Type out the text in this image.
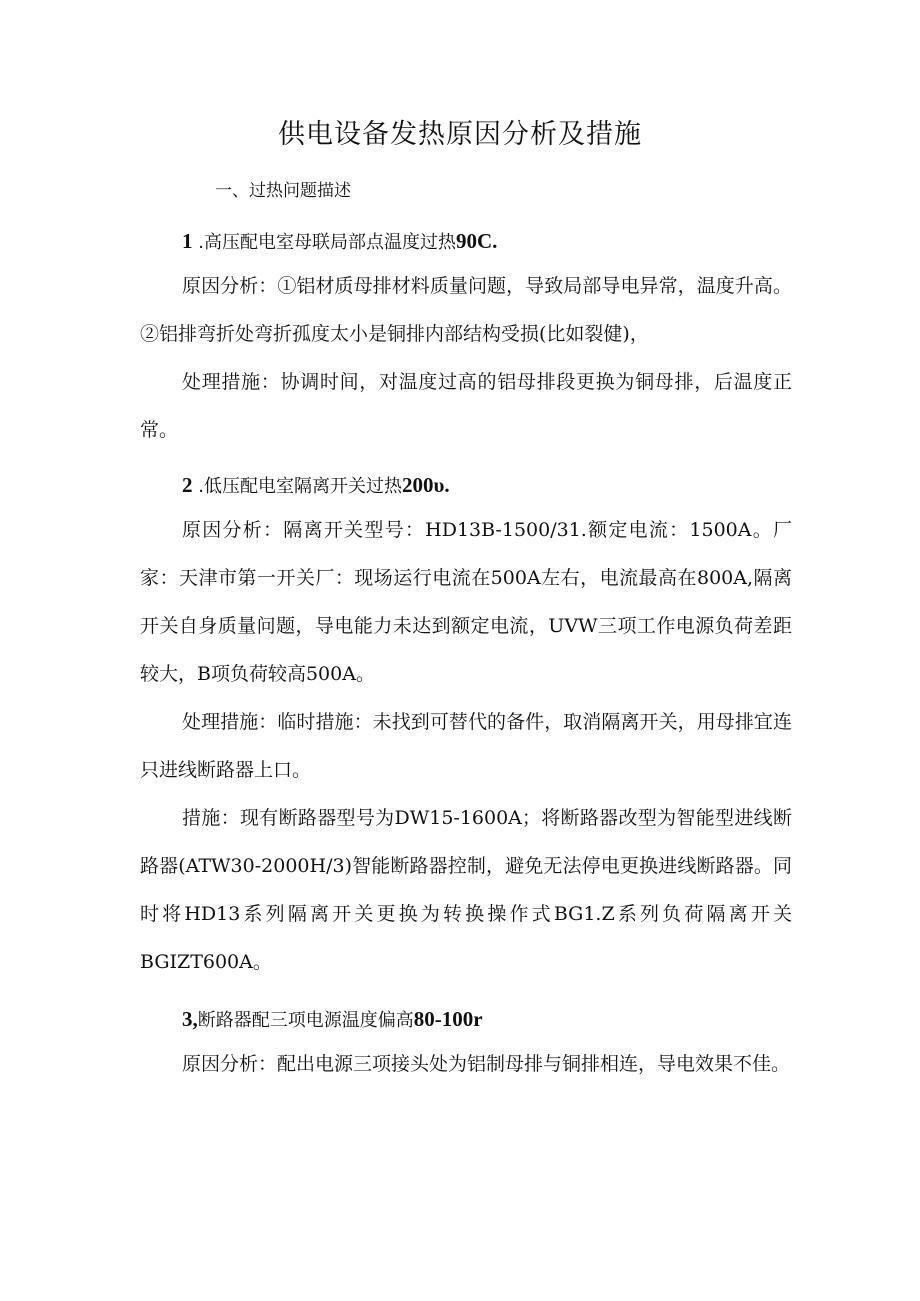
供电设备发热原因分析及措施
一、过热问题描述
1 .高压配电室母联局部点温度过热90C.

原因分析：①铝材质母排材料质量问题，导致局部导电异常，温度升高。②铝排弯折处弯折孤度太小是铜排内部结构受损(比如裂健)，

处理措施：协调时间，对温度过高的铝母排段更换为铜母排，后温度正常。

2 .低压配电室隔离开关过热200υ.

原因分析：隔离开关型号：HD13B-1500/31.额定电流：1500A。厂家：天津市第一开关厂：现场运行电流在500A左右，电流最高在800A,隔离开关自身质量问题，导电能力未达到额定电流，UVW三项工作电源负荷差距较大，B项负荷较高500A。

处理措施：临时措施：未找到可替代的备件，取消隔离开关，用母排宜连只进线断路器上口。

措施：现有断路器型号为DW15-1600A；将断路器改型为智能型进线断路器(ATW30-2000H/3)智能断路器控制，避免无法停电更换进线断路器。同时将HD13系列隔离开关更换为转换操作式BG1.Z系列负荷隔离开关BGIZT600A。

3,断路器配三项电源温度偏高80-100r

原因分析：配出电源三项接头处为铝制母排与铜排相连，导电效果不佳。
